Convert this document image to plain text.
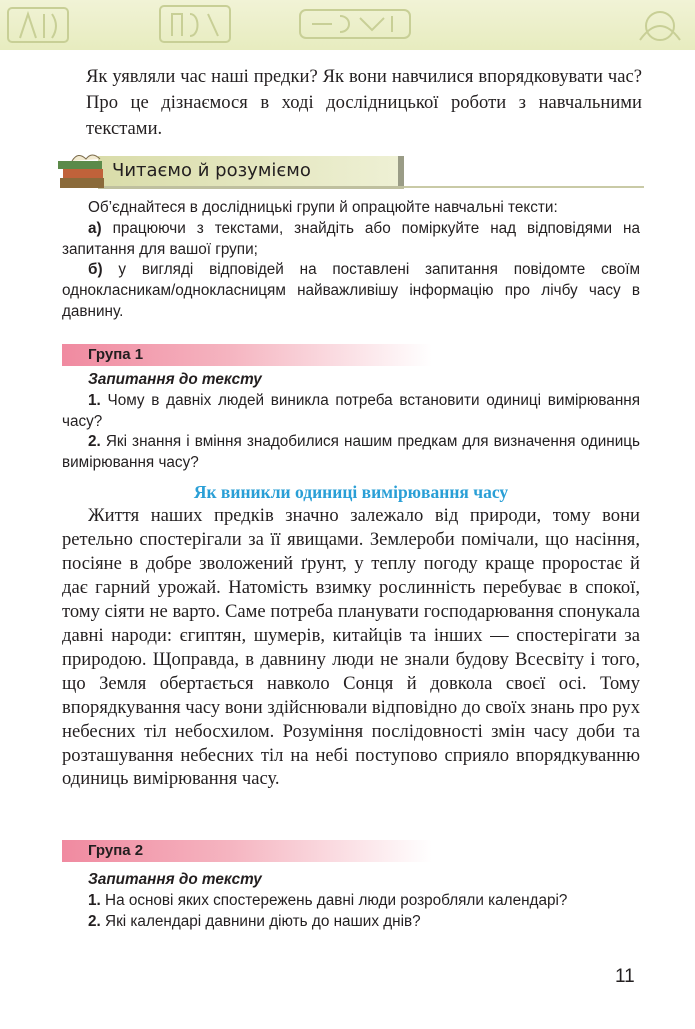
Як уявляли час наші предки? Як вони навчилися впорядковувати час? Про це дізнаємося в ході дослідницької роботи з навчальними текстами.

Читаємо й розуміємо

Об’єднайтеся в дослідницькі групи й опрацюйте навчальні тексти:

а) працюючи з текстами, знайдіть або поміркуйте над відповідями на запитання для вашої групи;

б) у вигляді відповідей на поставлені запитання повідомте своїм однокласникам/однокласницям найважливішу інформацію про лічбу часу в давнину.

Група 1
Запитання до тексту

1. Чому в давніх людей виникла потреба встановити одиниці вимірювання часу?

2. Які знання і вміння знадобилися нашим предкам для визначення одиниць вимірювання часу?

Як виникли одиниці вимірювання часу

Життя наших предків значно залежало від природи, тому вони ретельно спостерігали за її явищами. Землероби помічали, що насіння, посіяне в добре зволожений ґрунт, у теплу погоду краще проростає й дає гарний урожай. Натомість взимку рослинність перебуває в спокої, тому сіяти не варто. Саме потреба планувати господарювання спонукала давні народи: єгиптян, шумерів, китайців та інших — спостерігати за природою. Щоправда, в давнину люди не знали будову Всесвіту і того, що Земля обертається навколо Сонця й довкола своєї осі. Тому впорядкування часу вони здійснювали відповідно до своїх знань про рух небесних тіл небосхилом. Розуміння послідовності змін часу доби та розташування небесних тіл на небі поступово сприяло впорядкуванню одиниць вимірювання часу.

Група 2
Запитання до тексту

1. На основі яких спостережень давні люди розробляли календарі?

2. Які календарі давнини діють до наших днів?

11
